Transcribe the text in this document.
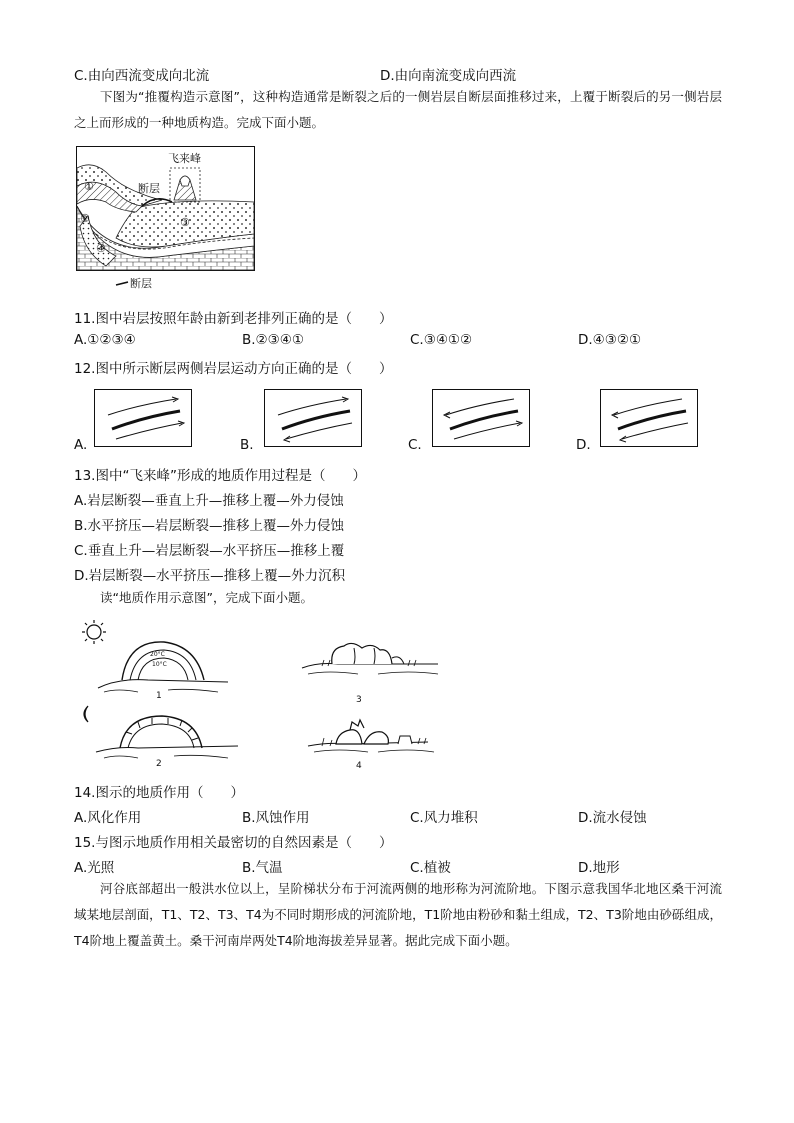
C.由向西流变成向北流	D.由向南流变成向西流

下图为“推覆构造示意图”，这种构造通常是断裂之后的一侧岩层自断层面推移过来，上覆于断裂后的另一侧岩层之上而形成的一种地质构造。完成下面小题。

飞来峰
断层
①
②	③
④
断层
11.图中岩层按照年龄由新到老排列正确的是（　　）
A.①②③④	B.②③④①	C.③④①②	D.④③②①
12.图中所示断层两侧岩层运动方向正确的是（　　）
A.	B.	C.	D.
13.图中“飞来峰”形成的地质作用过程是（　　）
A.岩层断裂—垂直上升—推移上覆—外力侵蚀
B.水平挤压—岩层断裂—推移上覆—外力侵蚀
C.垂直上升—岩层断裂—水平挤压—推移上覆
D.岩层断裂—水平挤压—推移上覆—外力沉积

读“地质作用示意图”，完成下面小题。

20°C
10°C
1
2
3
4
14.图示的地质作用（　　）
A.风化作用	B.风蚀作用	C.风力堆积	D.流水侵蚀
15.与图示地质作用相关最密切的自然因素是（　　）
A.光照	B.气温	C.植被	D.地形

河谷底部超出一般洪水位以上，呈阶梯状分布于河流两侧的地形称为河流阶地。下图示意我国华北地区桑干河流域某地层剖面，T1、T2、T3、T4为不同时期形成的河流阶地，T1阶地由粉砂和黏土组成，T2、T3阶地由砂砾组成，T4阶地上覆盖黄土。桑干河南岸两处T4阶地海拔差异显著。据此完成下面小题。
